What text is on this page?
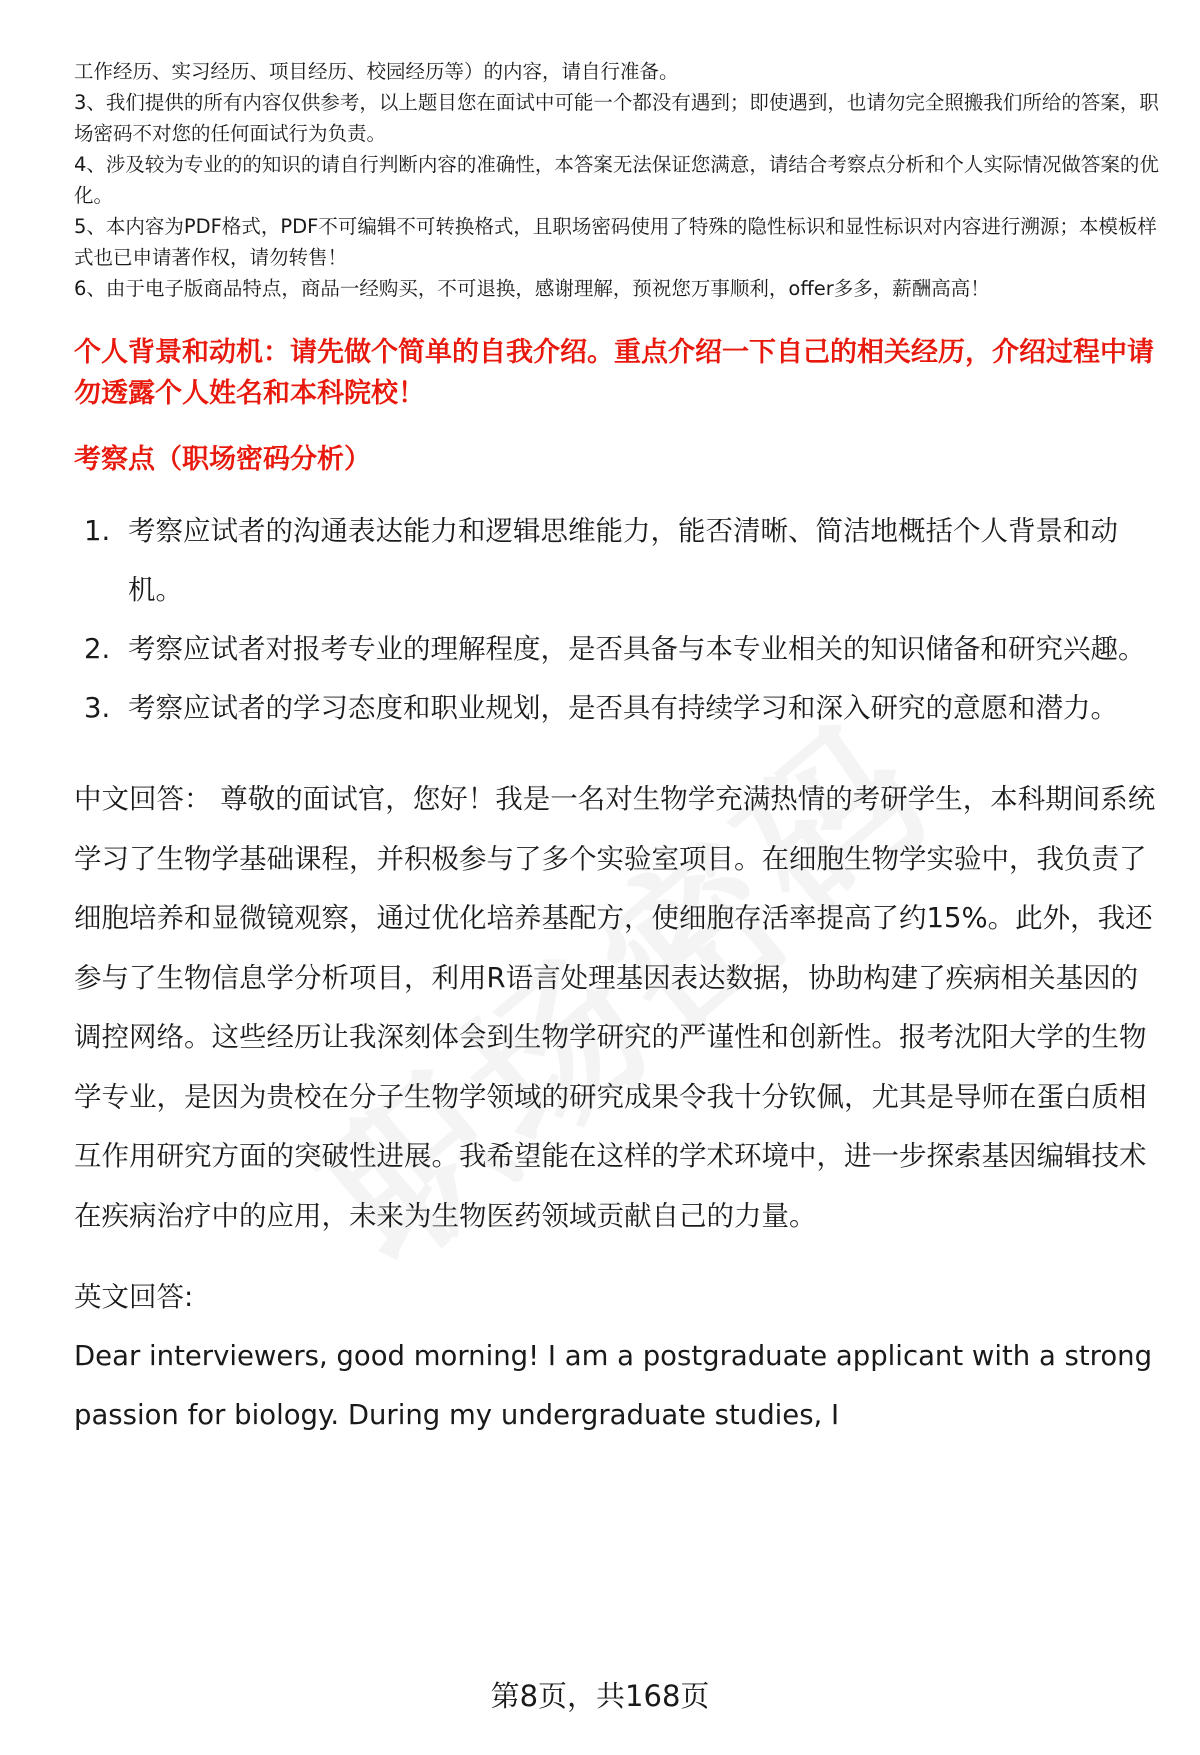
工作经历、实习经历、项目经历、校园经历等）的内容，请自行准备。

3、我们提供的所有内容仅供参考，以上题目您在面试中可能一个都没有遇到；即使遇到，也请勿完全照搬我们所给的答案，职场密码不对您的任何面试行为负责。

4、涉及较为专业的的知识的请自行判断内容的准确性，本答案无法保证您满意，请结合考察点分析和个人实际情况做答案的优化。

5、本内容为PDF格式，PDF不可编辑不可转换格式，且职场密码使用了特殊的隐性标识和显性标识对内容进行溯源；本模板样式也已申请著作权，请勿转售！

6、由于电子版商品特点，商品一经购买，不可退换，感谢理解，预祝您万事顺利，offer多多，薪酬高高！

个人背景和动机：请先做个简单的自我介绍。重点介绍一下自己的相关经历，介绍过程中请勿透露个人姓名和本科院校！
考察点（职场密码分析）
1. 考察应试者的沟通表达能力和逻辑思维能力，能否清晰、简洁地概括个人背景和动机。
2. 考察应试者对报考专业的理解程度，是否具备与本专业相关的知识储备和研究兴趣。
3. 考察应试者的学习态度和职业规划，是否具有持续学习和深入研究的意愿和潜力。
中文回答： 尊敬的面试官，您好！我是一名对生物学充满热情的考研学生，本科期间系统学习了生物学基础课程，并积极参与了多个实验室项目。在细胞生物学实验中，我负责了细胞培养和显微镜观察，通过优化培养基配方，使细胞存活率提高了约15%。此外，我还参与了生物信息学分析项目，利用R语言处理基因表达数据，协助构建了疾病相关基因的调控网络。这些经历让我深刻体会到生物学研究的严谨性和创新性。报考沈阳大学的生物学专业，是因为贵校在分子生物学领域的研究成果令我十分钦佩，尤其是导师在蛋白质相互作用研究方面的突破性进展。我希望能在这样的学术环境中，进一步探索基因编辑技术在疾病治疗中的应用，未来为生物医药领域贡献自己的力量。
英文回答:
Dear interviewers, good morning! I am a postgraduate applicant with a strong passion for biology. During my undergraduate studies, I
第8页，共168页
